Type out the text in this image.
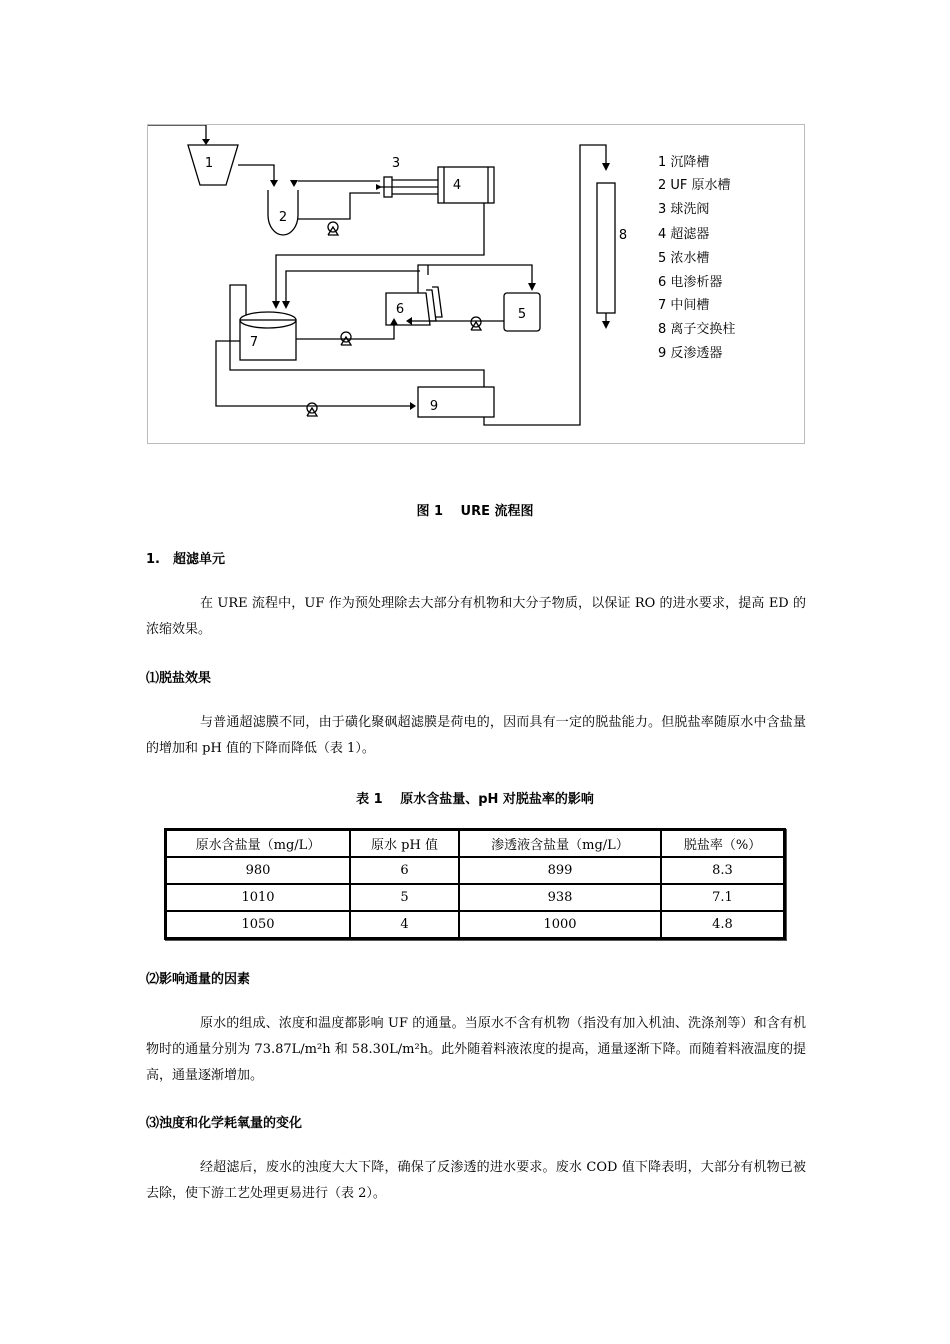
1
2
3
4
5
6
7
8
9
1 沉降槽
2 UF 原水槽
3 球洗阀
4 超滤器
5 浓水槽
6 电渗析器
7 中间槽
8 离子交换柱
9 反渗透器
图 1　 URE 流程图
1.　超滤单元
在 URE 流程中，UF 作为预处理除去大部分有机物和大分子物质，以保证 RO 的进水要求，提高 ED 的浓缩效果。
⑴脱盐效果
与普通超滤膜不同，由于磺化聚砜超滤膜是荷电的，因而具有一定的脱盐能力。但脱盐率随原水中含盐量的增加和 pH 值的下降而降低（表 1）。
表 1　 原水含盐量、pH 对脱盐率的影响
原水含盐量（mg/L）	原水 pH 值	渗透液含盐量（mg/L）	脱盐率（%）
980	6	899	8.3
1010	5	938	7.1
1050	4	1000	4.8
⑵影响通量的因素
原水的组成、浓度和温度都影响 UF 的通量。当原水不含有机物（指没有加入机油、洗涤剂等）和含有机物时的通量分别为 73.87L/m²h 和 58.30L/m²h。此外随着料液浓度的提高，通量逐渐下降。而随着料液温度的提高，通量逐渐增加。
⑶浊度和化学耗氧量的变化
经超滤后，废水的浊度大大下降，确保了反渗透的进水要求。废水 COD 值下降表明，大部分有机物已被去除，使下游工艺处理更易进行（表 2）。
